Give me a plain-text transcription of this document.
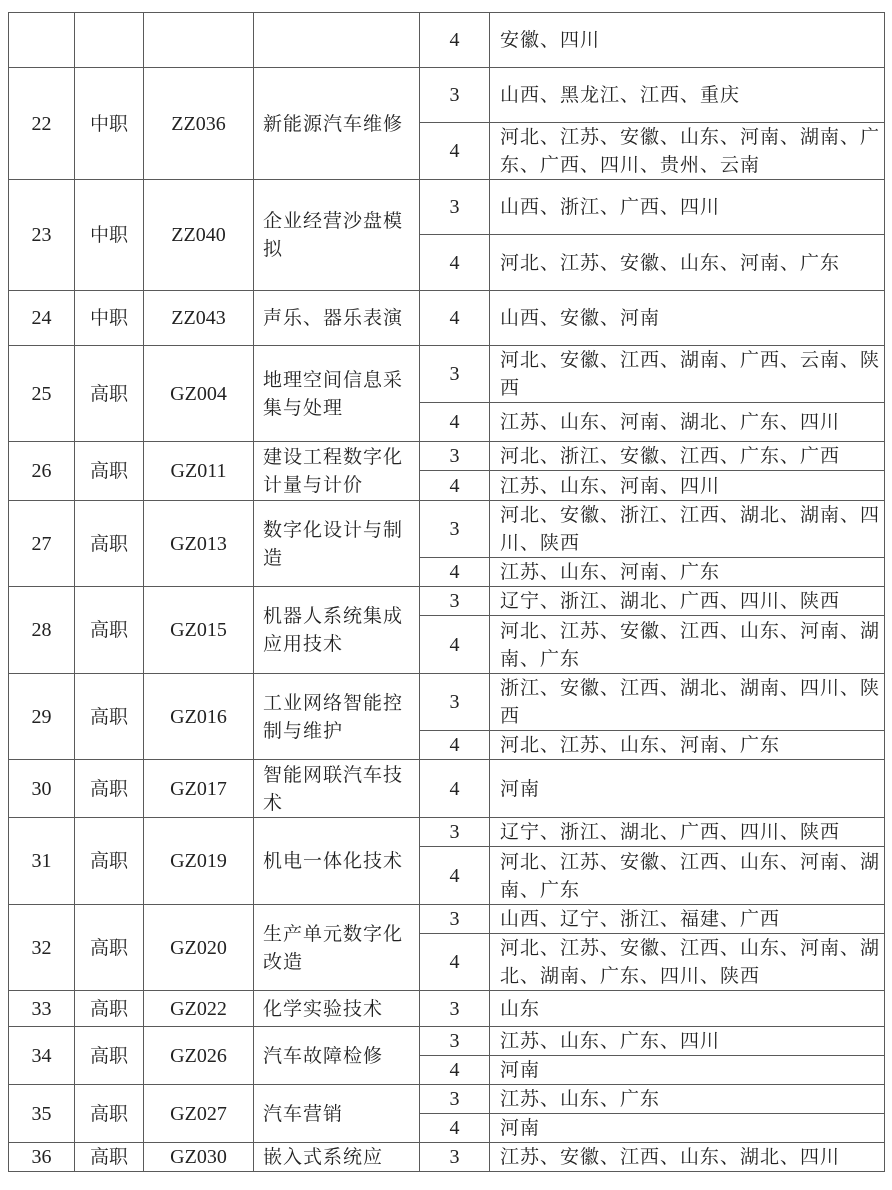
				4	安徽、四川
22	中职	ZZ036	新能源汽车维修	3	山西、黑龙江、江西、重庆
				4	河北、江苏、安徽、山东、河南、湖南、广东、广西、四川、贵州、云南
23	中职	ZZ040	企业经营沙盘模拟	3	山西、浙江、广西、四川
				4	河北、江苏、安徽、山东、河南、广东
24	中职	ZZ043	声乐、器乐表演	4	山西、安徽、河南
25	高职	GZ004	地理空间信息采集与处理	3	河北、安徽、江西、湖南、广西、云南、陕西
				4	江苏、山东、河南、湖北、广东、四川
26	高职	GZ011	建设工程数字化计量与计价	3	河北、浙江、安徽、江西、广东、广西
				4	江苏、山东、河南、四川
27	高职	GZ013	数字化设计与制造	3	河北、安徽、浙江、江西、湖北、湖南、四川、陕西
				4	江苏、山东、河南、广东
28	高职	GZ015	机器人系统集成应用技术	3	辽宁、浙江、湖北、广西、四川、陕西
				4	河北、江苏、安徽、江西、山东、河南、湖南、广东
29	高职	GZ016	工业网络智能控制与维护	3	浙江、安徽、江西、湖北、湖南、四川、陕西
				4	河北、江苏、山东、河南、广东
30	高职	GZ017	智能网联汽车技术	4	河南
31	高职	GZ019	机电一体化技术	3	辽宁、浙江、湖北、广西、四川、陕西
				4	河北、江苏、安徽、江西、山东、河南、湖南、广东
32	高职	GZ020	生产单元数字化改造	3	山西、辽宁、浙江、福建、广西
				4	河北、江苏、安徽、江西、山东、河南、湖北、湖南、广东、四川、陕西
33	高职	GZ022	化学实验技术	3	山东
34	高职	GZ026	汽车故障检修	3	江苏、山东、广东、四川
				4	河南
35	高职	GZ027	汽车营销	3	江苏、山东、广东
				4	河南
36	高职	GZ030	嵌入式系统应	3	江苏、安徽、江西、山东、湖北、四川
